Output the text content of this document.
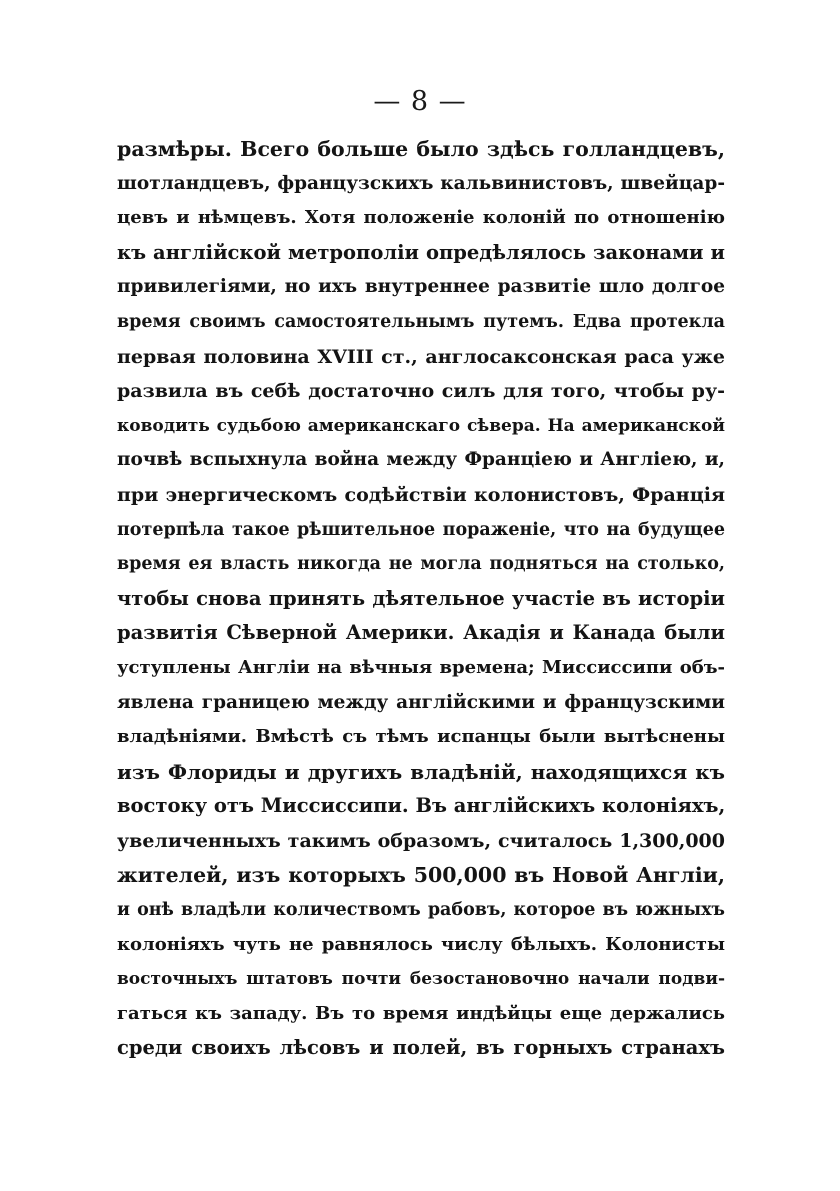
— 8 —
размѣры. Всего больше было здѣсь голландцевъ,
шотландцевъ, французскихъ кальвинистовъ, швейцар-
цевъ и нѣмцевъ. Хотя положенiе колонiй по отношенiю
къ англiйской метрополiи опредѣлялось законами и
привилегiями, но ихъ внутреннее развитiе шло долгое
время своимъ самостоятельнымъ путемъ. Едва протекла
первая половина XVIII ст., англосаксонская раса уже
развила въ себѣ достаточно силъ для того, чтобы ру-
ководить судьбою американскаго сѣвера. На американской
почвѣ вспыхнула война между Францiею и Англiею, и,
при энергическомъ содѣйствiи колонистовъ, Францiя
потерпѣла такое рѣшительное пораженiе, что на будущее
время ея власть никогда не могла подняться на столько,
чтобы снова принять дѣятельное участiе въ исторiи
развитiя Сѣверной Америки. Акадiя и Канада были
уступлены Англiи на вѣчныя времена; Миссиссипи объ-
явлена границею между англiйскими и французскими
владѣнiями. Вмѣстѣ съ тѣмъ испанцы были вытѣснены
изъ Флориды и другихъ владѣнiй, находящихся къ
востоку отъ Миссиссипи. Въ англiйскихъ колонiяхъ,
увеличенныхъ такимъ образомъ, считалось 1,300,000
жителей, изъ которыхъ 500,000 въ Новой Англiи,
и онѣ владѣли количествомъ рабовъ, которое въ южныхъ
колонiяхъ чуть не равнялось числу бѣлыхъ. Колонисты
восточныхъ штатовъ почти безостановочно начали подви-
гаться къ западу. Въ то время индѣйцы еще держались
среди своихъ лѣсовъ и полей, въ горныхъ странахъ
